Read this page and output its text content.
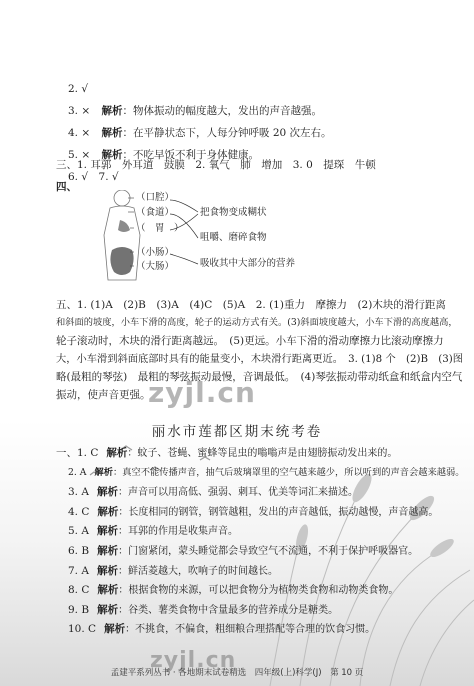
2. √
3. × 解析：物体振动的幅度越大，发出的声音越强。
4. × 解析：在平静状态下，人每分钟呼吸 20 次左右。
5. × 解析：不吃早饭不利于身体健康。
6. √　7. √
三、1. 耳郭　外耳道　鼓膜　2. 氧气　肺　增加　3. 0　提琛　牛顿
四、
（口腔）
（食道）
（　胃　）
（小肠）
（大肠）
把食物变成糊状
咀嚼、磨碎食物
吸收其中大部分的营养
五、1. (1)A　(2)B　(3)A　(4)C　(5)A　2. (1)重力　摩擦力　(2)木块的滑行距离
和斜面的坡度，小车下滑的高度，轮子的运动方式有关。(3)斜面坡度越大，小车下滑的高度越高，
轮子滚动时，木块的滑行距离越远。　(5)更远。小车下滑的滑动摩擦力比滚动摩擦力
大，小车滑到斜面底部时具有的能量变小，木块滑行距离更近。　3. (1)8 个　(2)B　(3)图
略(最粗的琴弦)　最粗的琴弦振动最慢，音调最低。　(4)琴弦振动带动纸盒和纸盒内空气
振动，使声音更强。
丽水市莲都区期末统考卷
一、1. C 解析：蚊子、苍蝇、蜜蜂等昆虫的嗡嗡声是由翅膀振动发出来的。
2. A 解析：真空不能传播声音，抽气后玻璃罩里的空气越来越少，所以听到的声音会越来越弱。
3. A 解析：声音可以用高低、强弱、刺耳、优美等词汇来描述。
4. C 解析：长度相同的钢管，钢管越粗，发出的声音越低，振动越慢，声音越高。
5. A 解析：耳郭的作用是收集声音。
6. B 解析：门窗紧闭，蒙头睡觉都会导致空气不流通，不利于保护呼吸器官。
7. A 解析：鲜活菱越大，吹响子的时间越长。
8. C 解析：根据食物的来源，可以把食物分为植物类食物和动物类食物。
9. B 解析：谷类、薯类食物中含量最多的营养成分是糖类。
10. C 解析：不挑食，不偏食，粗细粮合理搭配等合理的饮食习惯。
zyjl.cn
zyjl.cn
孟建平系列丛书 · 各地期末试卷精选　四年级(上)科学(J)　第 10 页
